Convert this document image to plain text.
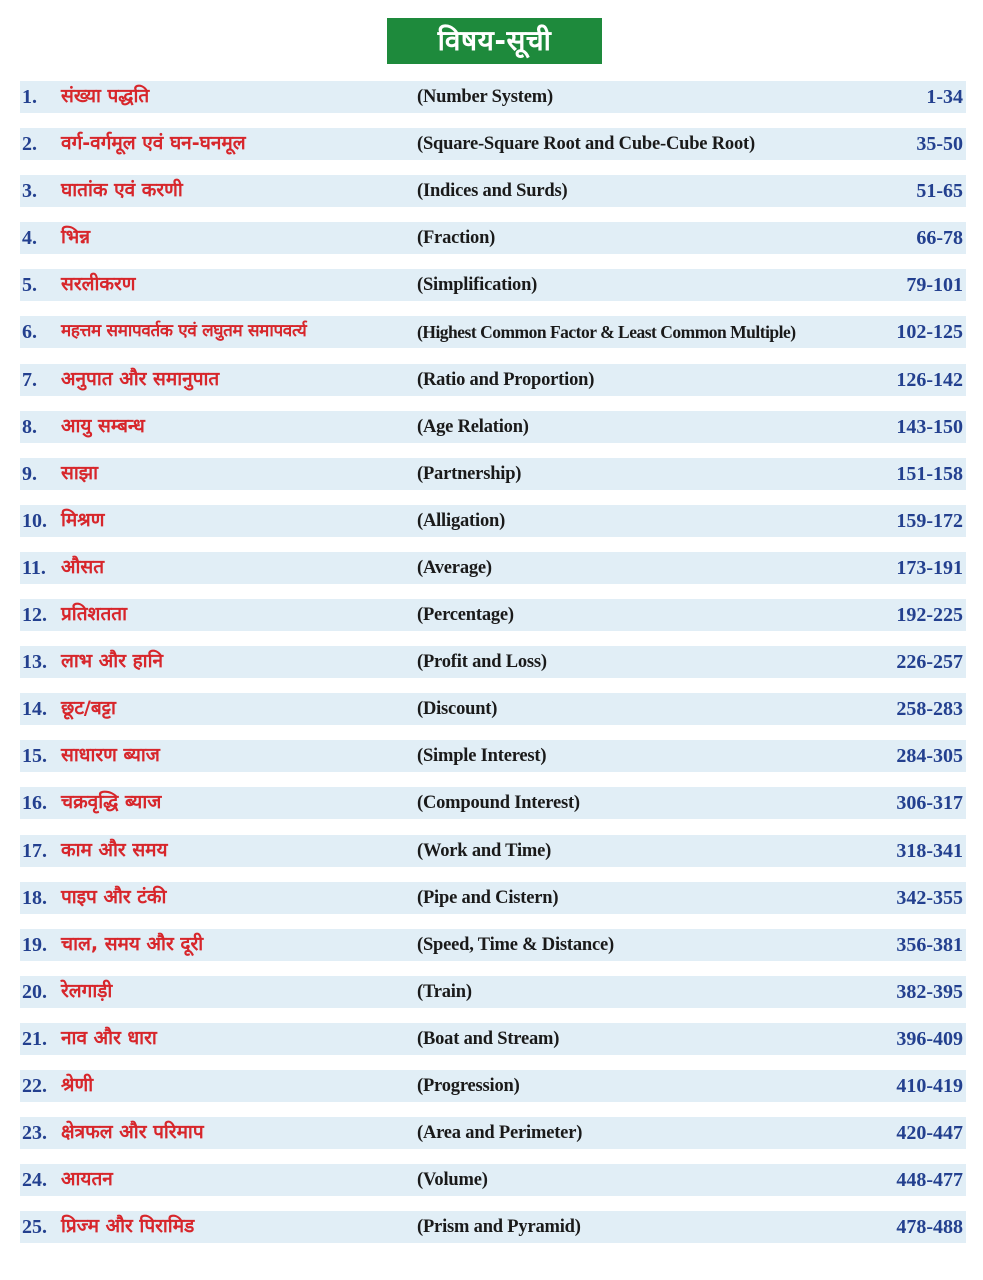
विषय-सूची
1. संख्या पद्धति	(Number System)	1-34
2. वर्ग-वर्गमूल एवं घन-घनमूल	(Square-Square Root and Cube-Cube Root)	35-50
3. घातांक एवं करणी	(Indices and Surds)	51-65
4. भिन्न	(Fraction)	66-78
5. सरलीकरण	(Simplification)	79-101
6. महत्तम समापवर्तक एवं लघुतम समापवर्त्य	(Highest Common Factor & Least Common Multiple)	102-125
7. अनुपात और समानुपात	(Ratio and Proportion)	126-142
8. आयु सम्बन्ध	(Age Relation)	143-150
9. साझा	(Partnership)	151-158
10. मिश्रण	(Alligation)	159-172
11. औसत	(Average)	173-191
12. प्रतिशतता	(Percentage)	192-225
13. लाभ और हानि	(Profit and Loss)	226-257
14. छूट/बट्टा	(Discount)	258-283
15. साधारण ब्याज	(Simple Interest)	284-305
16. चक्रवृद्धि ब्याज	(Compound Interest)	306-317
17. काम और समय	(Work and Time)	318-341
18. पाइप और टंकी	(Pipe and Cistern)	342-355
19. चाल, समय और दूरी	(Speed, Time & Distance)	356-381
20. रेलगाड़ी	(Train)	382-395
21. नाव और धारा	(Boat and Stream)	396-409
22. श्रेणी	(Progression)	410-419
23. क्षेत्रफल और परिमाप	(Area and Perimeter)	420-447
24. आयतन	(Volume)	448-477
25. प्रिज्म और पिरामिड	(Prism and Pyramid)	478-488
